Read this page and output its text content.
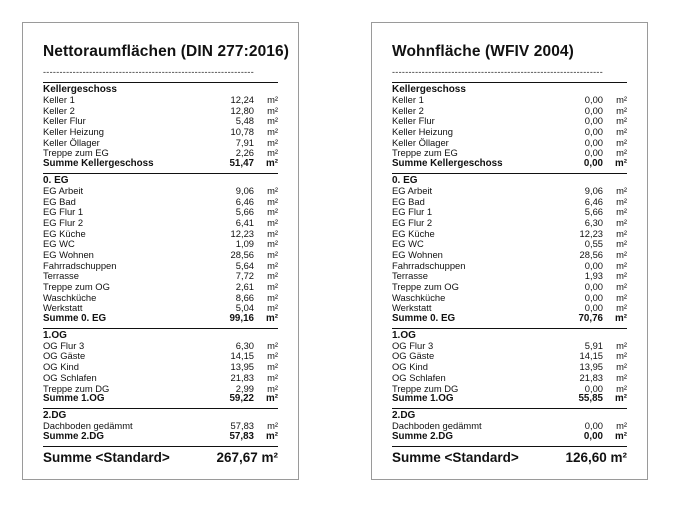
Nettoraumflächen (DIN 277:2016)
----------------------------------------------------------------
Kellergeschoss
Keller 1	12,24 m²
Keller 2	12,80 m²
Keller Flur	5,48 m²
Keller Heizung	10,78 m²
Keller Öllager	7,91 m²
Treppe zum EG	2,26 m²
Summe Kellergeschoss	51,47 m²
0. EG
EG Arbeit	9,06 m²
EG Bad	6,46 m²
EG Flur 1	5,66 m²
EG Flur 2	6,41 m²
EG Küche	12,23 m²
EG WC	1,09 m²
EG Wohnen	28,56 m²
Fahrradschuppen	5,64 m²
Terrasse	7,72 m²
Treppe zum OG	2,61 m²
Waschküche	8,66 m²
Werkstatt	5,04 m²
Summe 0. EG	99,16 m²
1.OG
OG Flur 3	6,30 m²
OG Gäste	14,15 m²
OG Kind	13,95 m²
OG Schlafen	21,83 m²
Treppe zum DG	2,99 m²
Summe 1.OG	59,22 m²
2.DG
Dachboden gedämmt	57,83 m²
Summe 2.DG	57,83 m²
Summe <Standard>	267,67 m²
Wohnfläche (WFIV 2004)
----------------------------------------------------------------
Kellergeschoss
Keller 1	0,00 m²
Keller 2	0,00 m²
Keller Flur	0,00 m²
Keller Heizung	0,00 m²
Keller Öllager	0,00 m²
Treppe zum EG	0,00 m²
Summe Kellergeschoss	0,00 m²
0. EG
EG Arbeit	9,06 m²
EG Bad	6,46 m²
EG Flur 1	5,66 m²
EG Flur 2	6,30 m²
EG Küche	12,23 m²
EG WC	0,55 m²
EG Wohnen	28,56 m²
Fahrradschuppen	0,00 m²
Terrasse	1,93 m²
Treppe zum OG	0,00 m²
Waschküche	0,00 m²
Werkstatt	0,00 m²
Summe 0. EG	70,76 m²
1.OG
OG Flur 3	5,91 m²
OG Gäste	14,15 m²
OG Kind	13,95 m²
OG Schlafen	21,83 m²
Treppe zum DG	0,00 m²
Summe 1.OG	55,85 m²
2.DG
Dachboden gedämmt	0,00 m²
Summe 2.DG	0,00 m²
Summe <Standard>	126,60 m²
